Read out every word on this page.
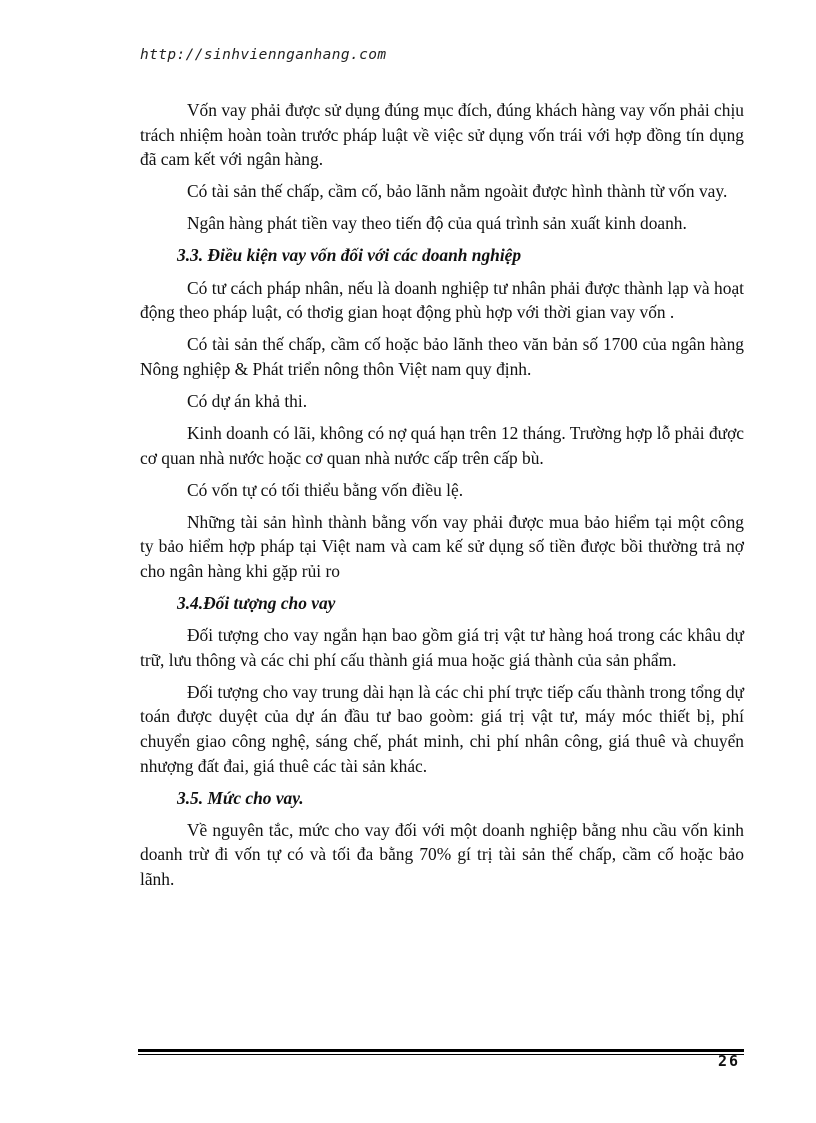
http://sinhviennganhang.com

Vốn vay phải được sử dụng đúng mục đích, đúng khách hàng vay vốn phải chịu trách nhiệm hoàn toàn trước pháp luật về việc sử dụng vốn trái với hợp đồng tín dụng đã cam kết với ngân hàng.

Có tài sản thế chấp, cầm cố, bảo lãnh nằm ngoàit được hình thành từ vốn vay.

Ngân hàng phát tiền vay theo tiến độ của quá trình sản xuất kinh doanh.

3.3. Điều kiện vay vốn đối với các doanh nghiệp

Có tư cách pháp nhân, nếu là doanh nghiệp tư nhân phải được thành lạp và hoạt động theo pháp luật, có thơig gian hoạt động phù hợp với thời gian vay vốn .

Có tài sản thế chấp, cầm cố hoặc bảo lãnh theo văn bản số 1700 của ngân hàng Nông nghiệp & Phát triển nông thôn Việt nam quy định.

Có dự án khả thi.

Kinh doanh có lãi, không có nợ quá hạn trên 12 tháng. Trường hợp lỗ phải được cơ quan nhà nước hoặc cơ quan nhà nước cấp trên cấp bù.

Có vốn tự có tối thiểu bằng vốn điều lệ.

Những tài sản hình thành bằng vốn vay phải được mua bảo hiểm tại một công ty bảo hiểm hợp pháp tại Việt nam và cam kế sử dụng số tiền được bồi thường trả nợ cho ngân hàng khi gặp rủi ro

3.4.Đối tượng cho vay

Đối tượng cho vay ngắn hạn bao gồm giá trị vật tư hàng hoá trong các khâu dự trữ, lưu thông và các chi phí cấu thành giá mua hoặc giá thành của sản phẩm.

Đối tượng cho vay trung dài hạn là các chi phí trực tiếp cấu thành trong tổng dự toán được duyệt của dự án đầu tư bao goòm: giá trị vật tư, máy móc thiết bị, phí chuyển giao công nghệ, sáng chế, phát minh, chi phí nhân công, giá thuê và chuyển nhượng đất đai, giá thuê các tài sản khác.

3.5. Mức cho vay.

Về nguyên tắc, mức cho vay đối với một doanh nghiệp bằng nhu cầu vốn kinh doanh trừ đi vốn tự có và tối đa bằng 70% gí trị tài sản thế chấp, cầm cố hoặc bảo lãnh.

26
